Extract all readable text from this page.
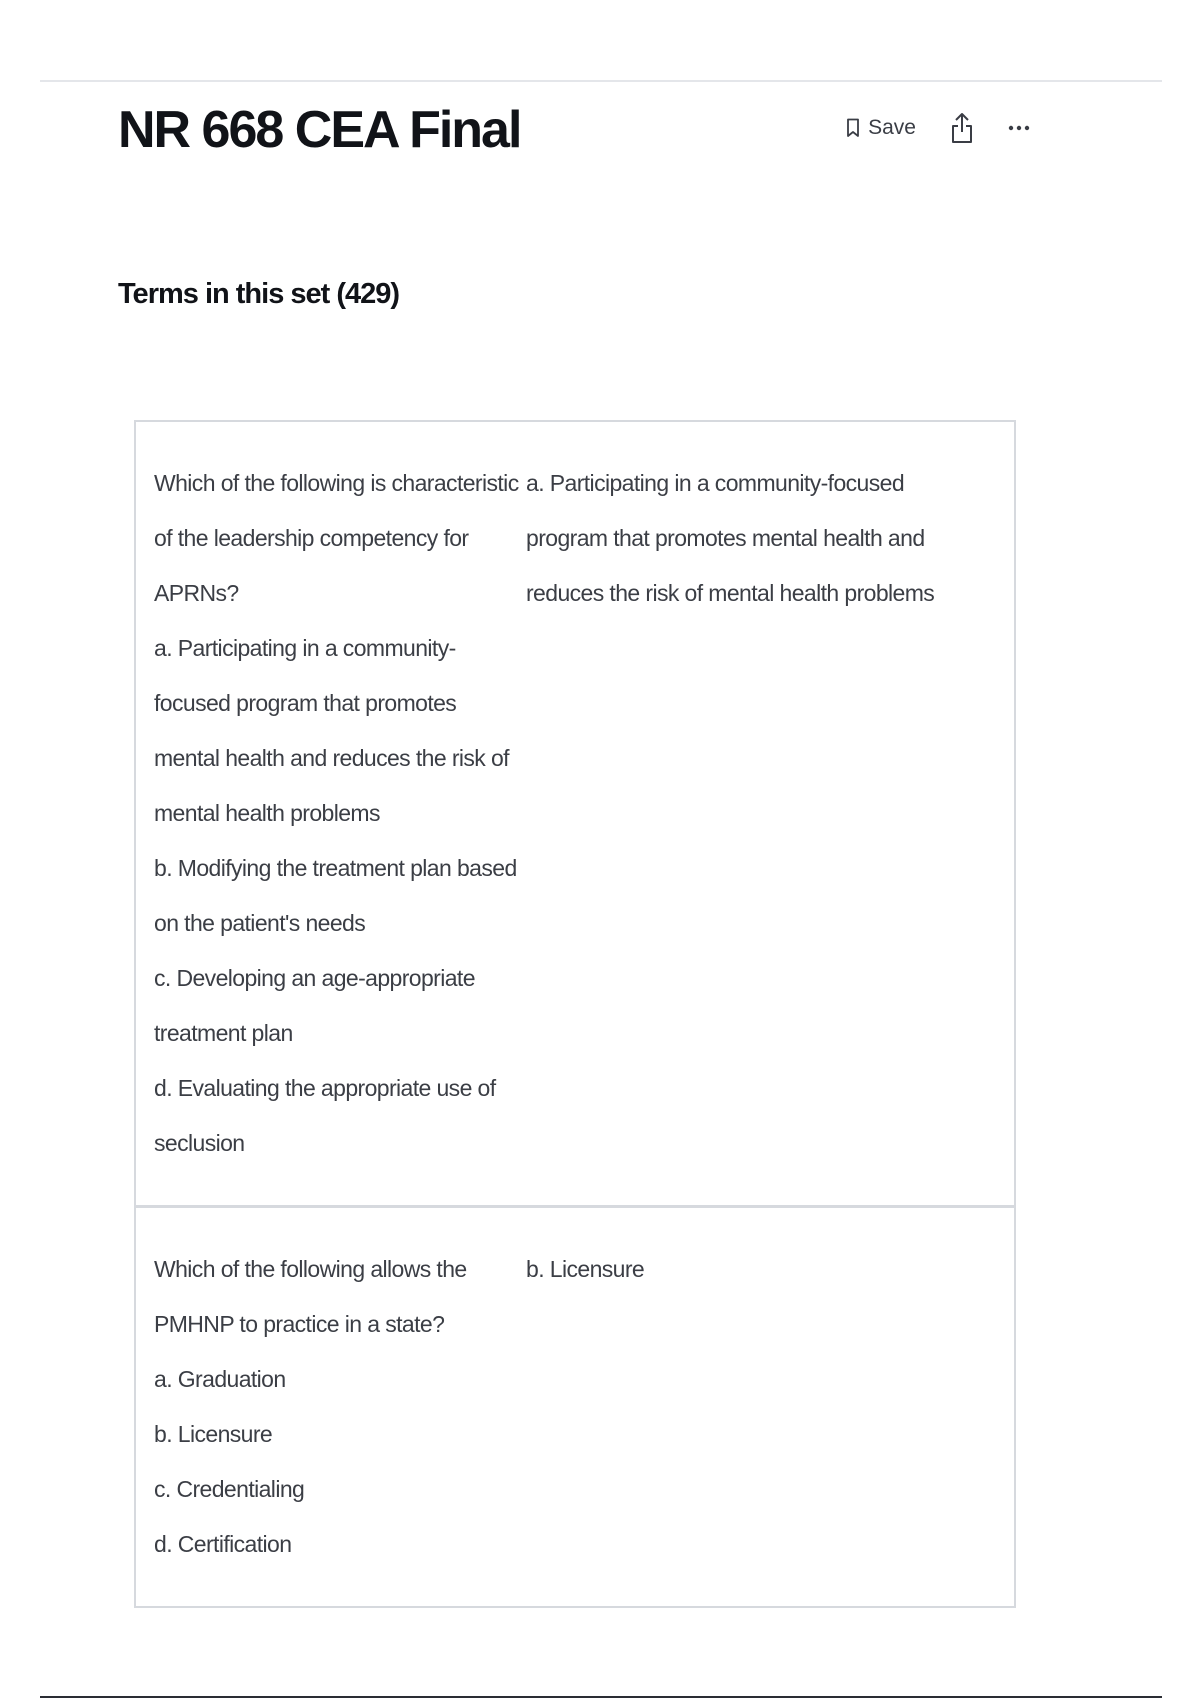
NR 668 CEA Final	Save
Terms in this set (429)
Which of the following is characteristic of the leadership competency for APRNs?
a. Participating in a community-focused program that promotes mental health and reduces the risk of mental health problems
b. Modifying the treatment plan based on the patient's needs
c. Developing an age-appropriate treatment plan
d. Evaluating the appropriate use of seclusion
a. Participating in a community-focused program that promotes mental health and reduces the risk of mental health problems
Which of the following allows the PMHNP to practice in a state?
a. Graduation
b. Licensure
c. Credentialing
d. Certification
b. Licensure
